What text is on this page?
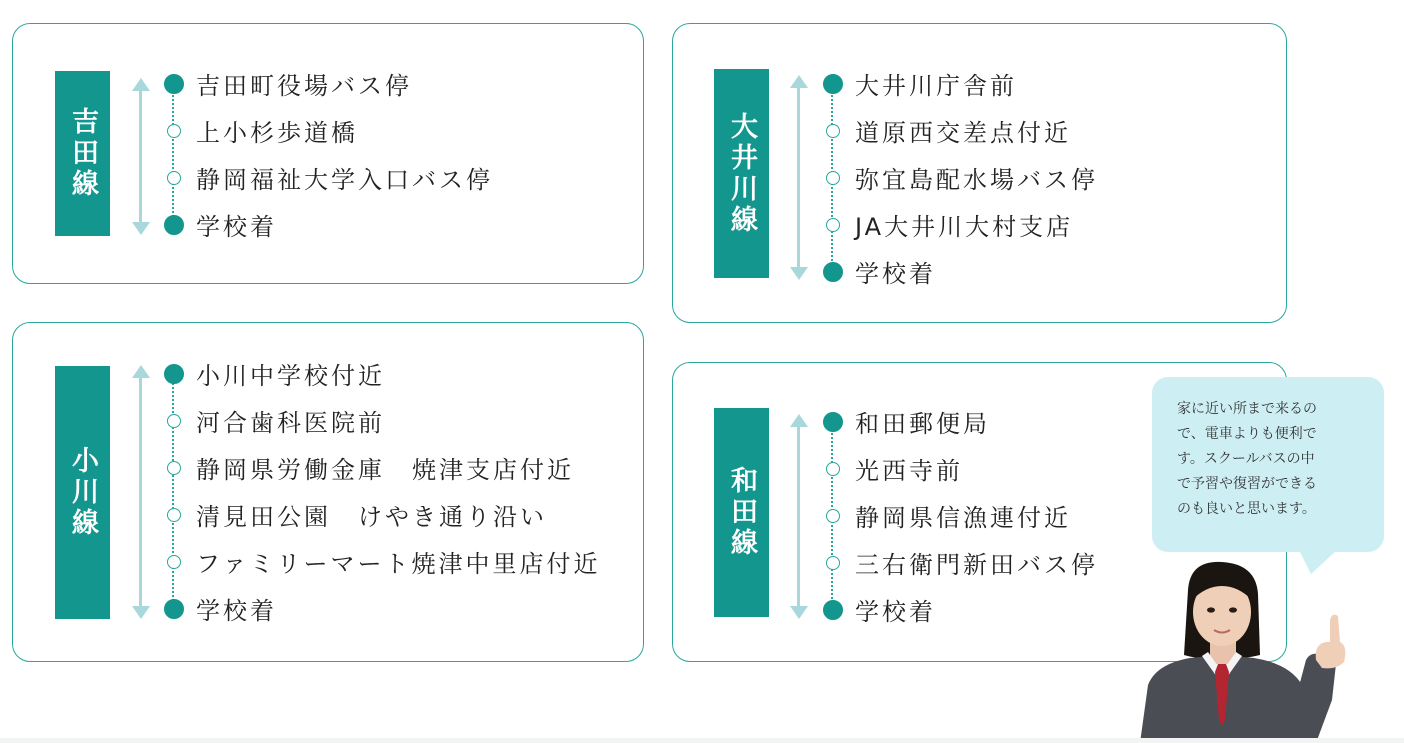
吉田線
吉田町役場バス停
上小杉歩道橋
静岡福祉大学入口バス停
学校着	大井川線
大井川庁舎前
道原西交差点付近
弥宜島配水場バス停
JA大井川大村支店
学校着
小川線
小川中学校付近
河合歯科医院前
静岡県労働金庫　焼津支店付近
清見田公園　けやき通り沿い
ファミリーマート焼津中里店付近
学校着
和田線
和田郵便局
光西寺前
静岡県信漁連付近
三右衛門新田バス停
学校着

家に近い所まで来るの
で、電車よりも便利で
す。スクールバスの中
で予習や復習ができる
のも良いと思います。
